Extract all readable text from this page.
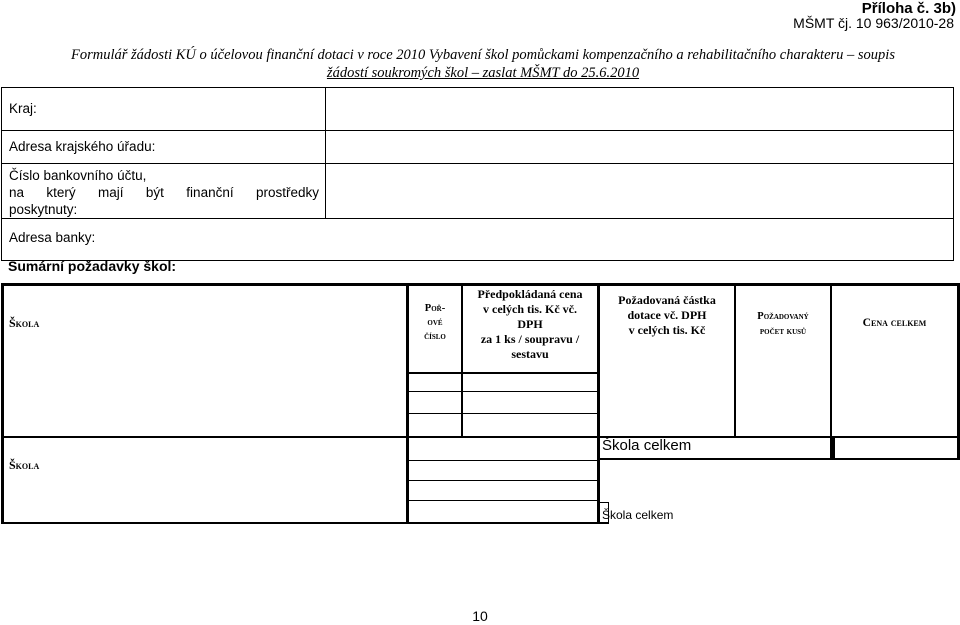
Příloha č. 3b)
MŠMT čj. 10 963/2010-28
Formulář žádosti KÚ o účelovou finanční dotaci v roce 2010 Vybavení škol pomůckami kompenzačního a rehabilitačního charakteru – soupis
žádostí soukromých škol – zaslat MŠMT do 25.6.2010
Kraj:
Adresa krajského úřadu:
Číslo bankovního účtu,
na který mají být finanční prostředky
poskytnuty:
Adresa banky:
Sumární požadavky škol:
Škola
Poř-
ové
číslo
Předpokládaná cena
v celých tis. Kč vč.
DPH
za 1 ks / soupravu /
sestavu
Požadovaná částka
dotace vč. DPH
v celých tis. Kč
Požadovaný
počet kusů
Cena celkem
Škola
Škola celkem
Škola celkem
10
